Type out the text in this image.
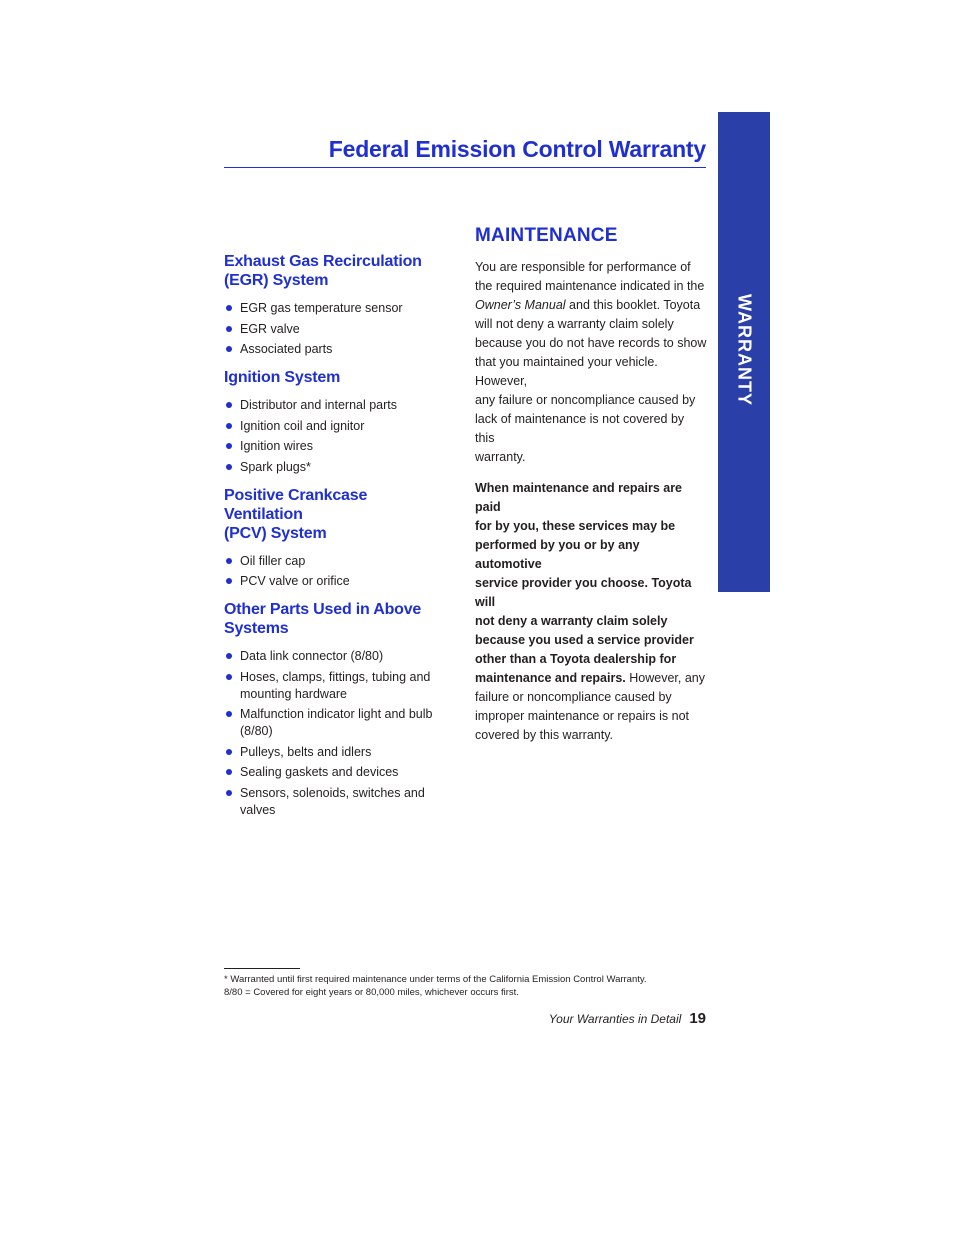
Federal Emission Control Warranty
WARRANTY
Exhaust Gas Recirculation
(EGR) System
EGR gas temperature sensor
EGR valve
Associated parts
Ignition System
Distributor and internal parts
Ignition coil and ignitor
Ignition wires
Spark plugs*
Positive Crankcase Ventilation
(PCV) System
Oil filler cap
PCV valve or orifice
Other Parts Used in Above
Systems
Data link connector (8/80)
Hoses, clamps, fittings, tubing and
mounting hardware
Malfunction indicator light and bulb
(8/80)
Pulleys, belts and idlers
Sealing gaskets and devices
Sensors, solenoids, switches and
valves
MAINTENANCE

You are responsible for performance of
the required maintenance indicated in the
Owner’s Manual and this booklet. Toyota
will not deny a warranty claim solely
because you do not have records to show
that you maintained your vehicle. However,
any failure or noncompliance caused by
lack of maintenance is not covered by this
warranty.

When maintenance and repairs are paid
for by you, these services may be
performed by you or by any automotive
service provider you choose. Toyota will
not deny a warranty claim solely
because you used a service provider
other than a Toyota dealership for
maintenance and repairs. However, any
failure or noncompliance caused by
improper maintenance or repairs is not
covered by this warranty.

* Warranted until first required maintenance under terms of the California Emission Control Warranty.
8/80 = Covered for eight years or 80,000 miles, whichever occurs first.
Your Warranties in Detail 19
